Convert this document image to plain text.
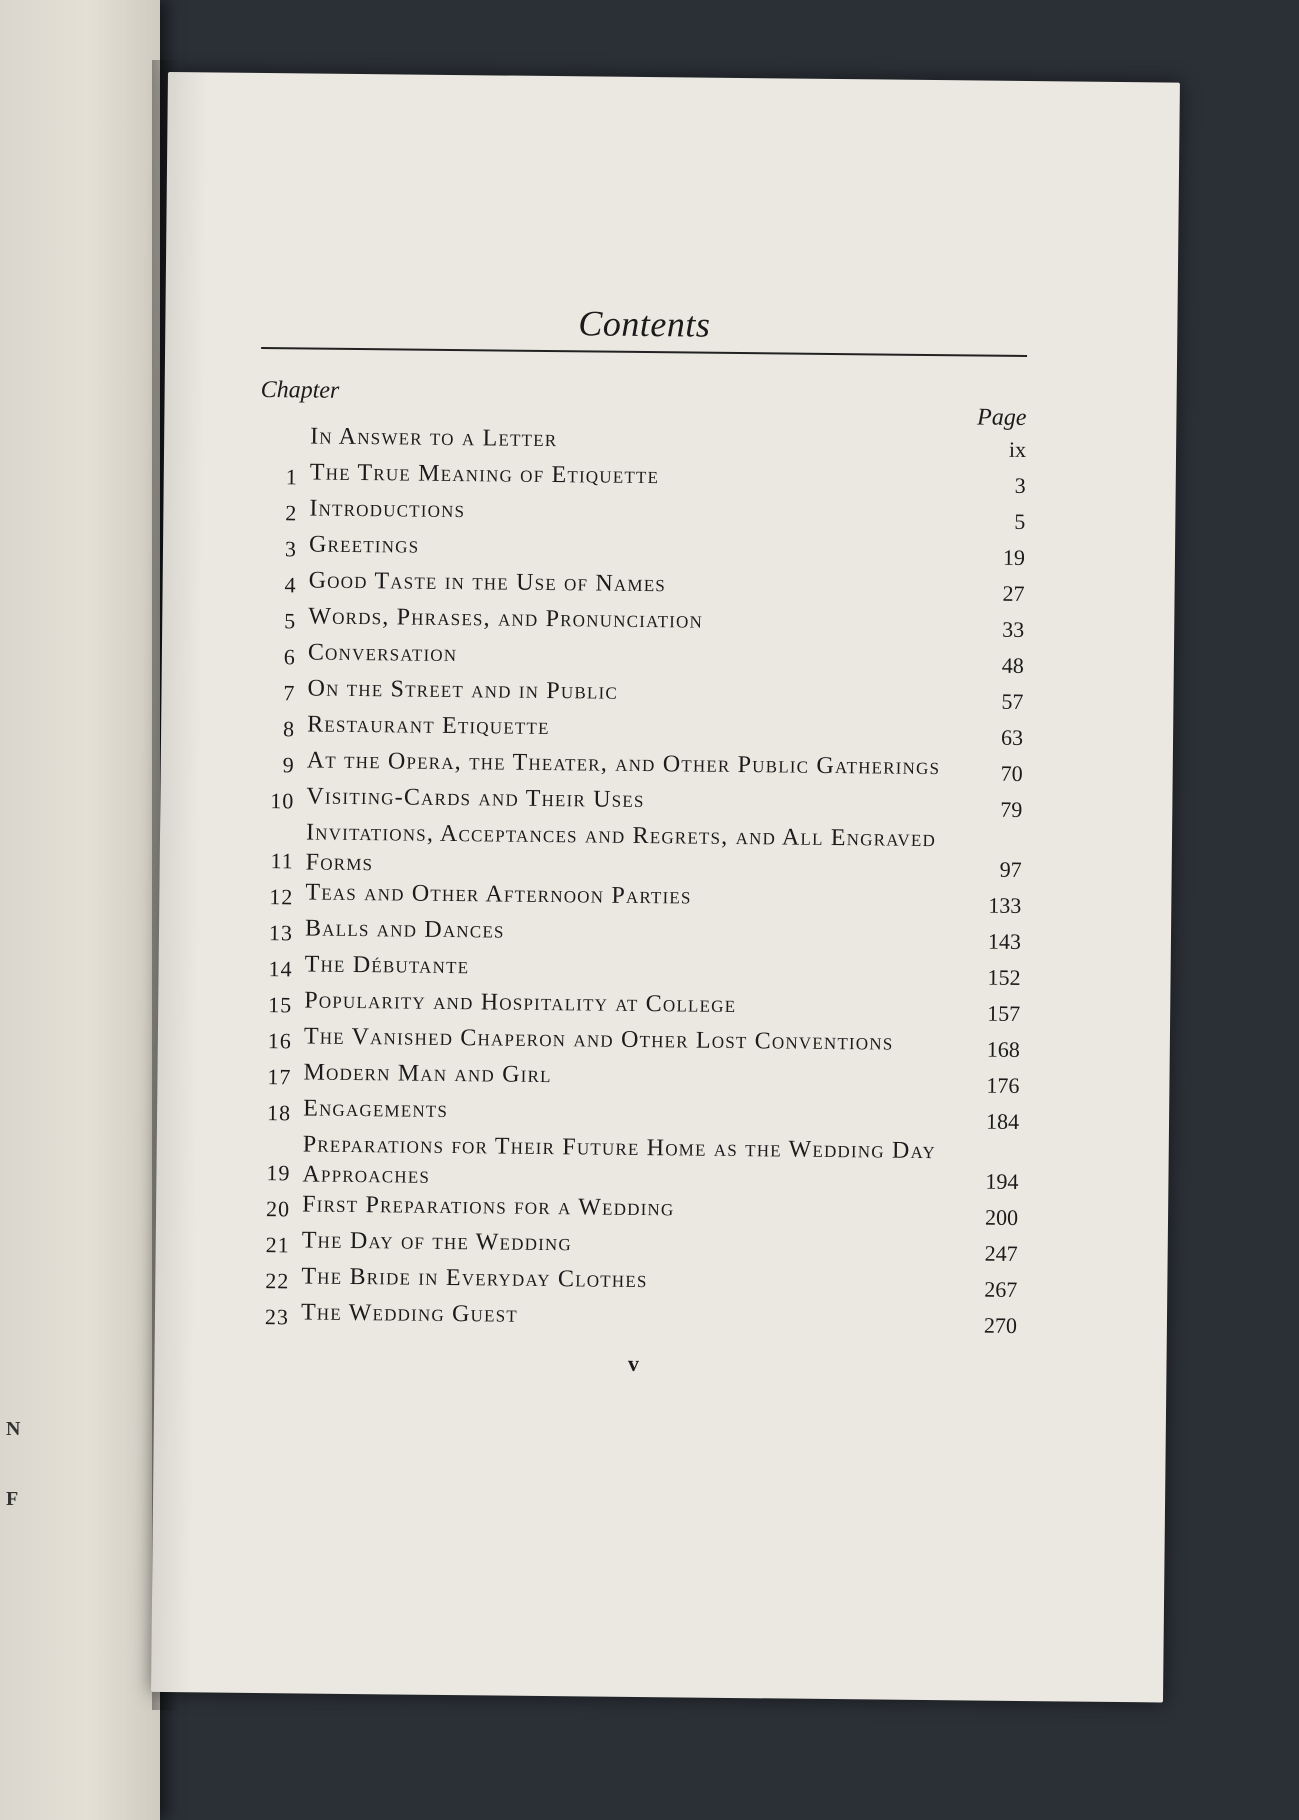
N
F
Contents
Chapter
Page
In Answer to a Letter	ix
1 The True Meaning of Etiquette	3
2 Introductions	5
3 Greetings	19
4 Good Taste in the Use of Names	27
5 Words, Phrases, and Pronunciation	33
6 Conversation	48
7 On the Street and in Public	57
8 Restaurant Etiquette	63
9 At the Opera, the Theater, and Other Public Gatherings	70
10 Visiting-Cards and Their Uses	79
11
Invitations, Acceptances and Regrets, and All Engraved Forms	97
12 Teas and Other Afternoon Parties	133
13 Balls and Dances	143
14 The Débutante	152
15 Popularity and Hospitality at College	157
16 The Vanished Chaperon and Other Lost Conventions	168
17 Modern Man and Girl	176
18 Engagements	184
19
Preparations for Their Future Home as the Wedding Day Approaches	194
20 First Preparations for a Wedding	200
21 The Day of the Wedding	247
22 The Bride in Everyday Clothes	267
23 The Wedding Guest	270
v
